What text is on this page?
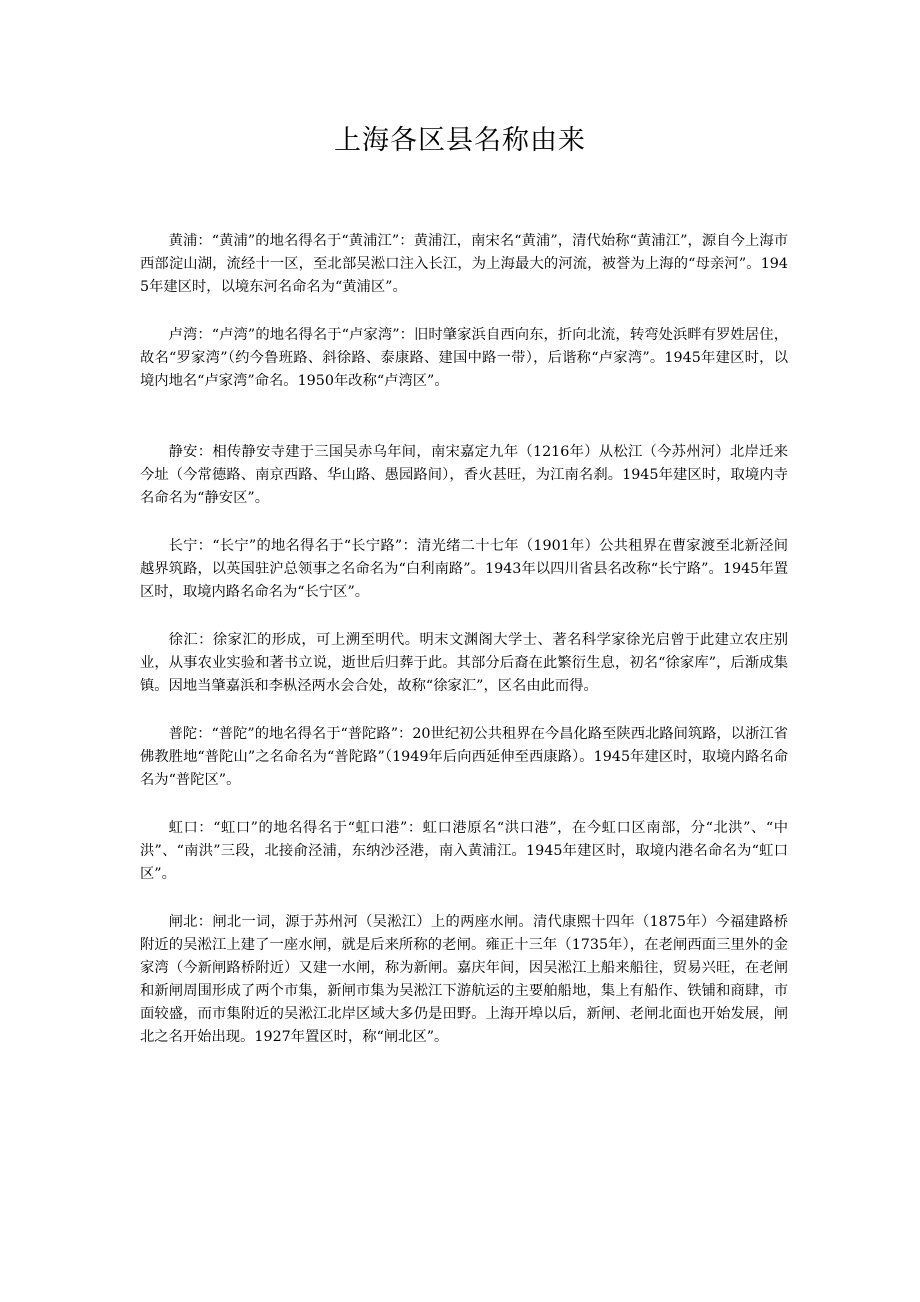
上海各区县名称由来

黄浦：“黄浦”的地名得名于“黄浦江”：黄浦江，南宋名“黄浦”，清代始称“黄浦江”，源自今上海市西部淀山湖，流经十一区，至北部吴淞口注入长江，为上海最大的河流，被誉为上海的“母亲河”。1945年建区时，以境东河名命名为“黄浦区”。

卢湾：“卢湾”的地名得名于“卢家湾”：旧时肇家浜自西向东，折向北流，转弯处浜畔有罗姓居住，故名“罗家湾”（约今鲁班路、斜徐路、泰康路、建国中路一带），后谐称“卢家湾”。1945年建区时，以境内地名“卢家湾”命名。1950年改称“卢湾区”。

静安：相传静安寺建于三国吴赤乌年间，南宋嘉定九年（1216年）从松江（今苏州河）北岸迁来今址（今常德路、南京西路、华山路、愚园路间），香火甚旺，为江南名刹。1945年建区时，取境内寺名命名为“静安区”。

长宁：“长宁”的地名得名于“长宁路”：清光绪二十七年（1901年）公共租界在曹家渡至北新泾间越界筑路，以英国驻沪总领事之名命名为“白利南路”。1943年以四川省县名改称“长宁路”。1945年置区时，取境内路名命名为“长宁区”。

徐汇：徐家汇的形成，可上溯至明代。明末文渊阁大学士、著名科学家徐光启曾于此建立农庄别业，从事农业实验和著书立说，逝世后归葬于此。其部分后裔在此繁衍生息，初名“徐家库”，后渐成集镇。因地当肇嘉浜和李枞泾两水会合处，故称“徐家汇”，区名由此而得。

普陀：“普陀”的地名得名于“普陀路”：20世纪初公共租界在今昌化路至陕西北路间筑路，以浙江省佛教胜地“普陀山”之名命名为“普陀路”（1949年后向西延伸至西康路）。1945年建区时，取境内路名命名为“普陀区”。

虹口：“虹口”的地名得名于“虹口港”：虹口港原名“洪口港”，在今虹口区南部，分“北洪”、“中洪”、“南洪”三段，北接俞泾浦，东纳沙泾港，南入黄浦江。1945年建区时，取境内港名命名为“虹口区”。

闸北：闸北一词，源于苏州河（吴淞江）上的两座水闸。清代康熙十四年（1875年）今福建路桥附近的吴淞江上建了一座水闸，就是后来所称的老闸。雍正十三年（1735年），在老闸西面三里外的金家湾（今新闸路桥附近）又建一水闸，称为新闸。嘉庆年间，因吴淞江上船来船往，贸易兴旺，在老闸和新闸周围形成了两个市集，新闸市集为吴淞江下游航运的主要舶船地，集上有船作、铁铺和商肆，市面较盛，而市集附近的吴淞江北岸区域大多仍是田野。上海开埠以后，新闸、老闸北面也开始发展，闸北之名开始出现。1927年置区时，称“闸北区”。
